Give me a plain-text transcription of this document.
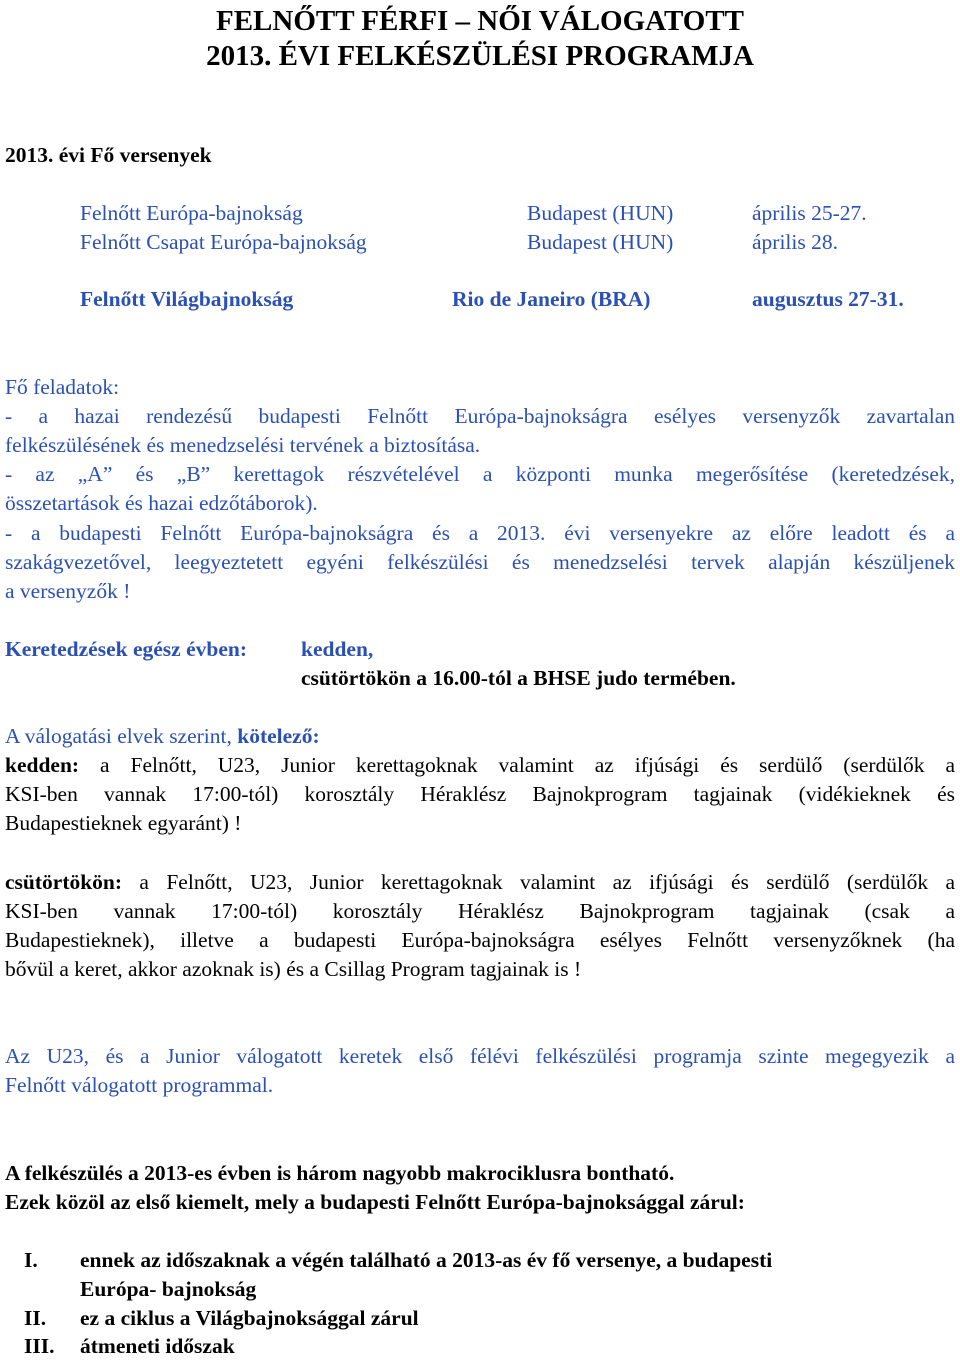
FELNŐTT FÉRFI – NŐI VÁLOGATOTT
2013. ÉVI FELKÉSZÜLÉSI PROGRAMJA
2013. évi Fő versenyek
Felnőtt Európa-bajnokság	Budapest (HUN)	április 25-27.
Felnőtt Csapat Európa-bajnokság	Budapest (HUN)	április 28.
Felnőtt Világbajnokság	Rio de Janeiro (BRA)	augusztus 27-31.
Fő feladatok:
- a hazai rendezésű budapesti Felnőtt Európa-bajnokságra esélyes versenyzők zavartalan
felkészülésének és menedzselési tervének a biztosítása.
- az „A” és „B” kerettagok részvételével a központi munka megerősítése (keretedzések,
összetartások és hazai edzőtáborok).
- a budapesti Felnőtt Európa-bajnokságra és a 2013. évi versenyekre az előre leadott és a
szakágvezetővel, leegyeztetett egyéni felkészülési és menedzselési tervek alapján készüljenek
a versenyzők !
Keretedzések egész évben:	kedden,
csütörtökön a 16.00-tól a BHSE judo termében.
A válogatási elvek szerint, kötelező:
kedden: a Felnőtt, U23, Junior kerettagoknak valamint az ifjúsági és serdülő (serdülők a
KSI-ben vannak 17:00-tól) korosztály Héraklész Bajnokprogram tagjainak (vidékieknek és
Budapestieknek egyaránt) !
csütörtökön: a Felnőtt, U23, Junior kerettagoknak valamint az ifjúsági és serdülő (serdülők a
KSI-ben vannak 17:00-tól) korosztály Héraklész Bajnokprogram tagjainak (csak a
Budapestieknek), illetve a budapesti Európa-bajnokságra esélyes Felnőtt versenyzőknek (ha
bővül a keret, akkor azoknak is) és a Csillag Program tagjainak is !
Az U23, és a Junior válogatott keretek első félévi felkészülési programja szinte megegyezik a
Felnőtt válogatott programmal.
A felkészülés a 2013-es évben is három nagyobb makrociklusra bontható.
Ezek közöl az első kiemelt, mely a budapesti Felnőtt Európa-bajnoksággal zárul:
I. ennek az időszaknak a végén található a 2013-as év fő versenye, a budapesti
Európa- bajnokság
II. ez a ciklus a Világbajnoksággal zárul
III. átmeneti időszak
